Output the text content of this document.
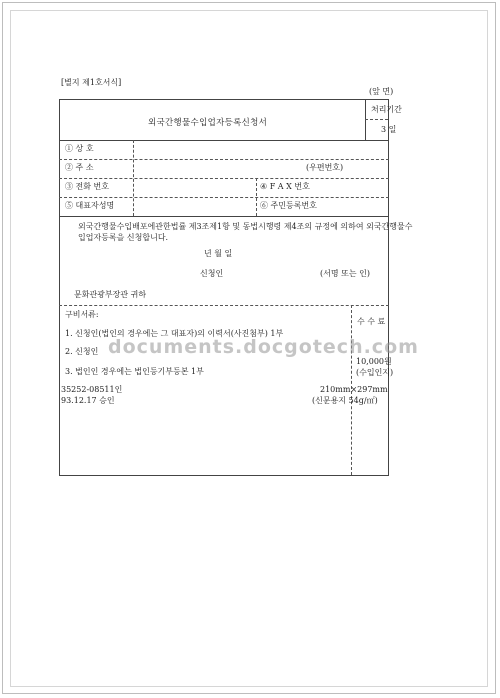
[별지 제1호서식]
(앞 면)
외국간행물수입업자등록신청서
처리기간
3 일
① 상 호
② 주 소	(우편번호)
③ 전화 번호	④ F A X 번호
⑤ 대표자성명	⑥ 주민등록번호
외국간행물수입배포에관한법률 제3조제1항 및 동법시행령 제4조의 규정에 의하여 외국간행물수입업자등록을 신청합니다.
년 월 일
신청인	(서명 또는 인)
문화관광부장관 귀하
구비서류:
1. 신청인(법인의 경우에는 그 대표자)의 이력서(사진첨부) 1부
2. 신청인
3. 법인인 경우에는 법인등기부등본 1부
수 수 료
10,000원
(수입인지)
35252-08511인
93.12.17 승인
210mm×297mm
(신문용지 54g/㎡)
documents.docgotech.com
